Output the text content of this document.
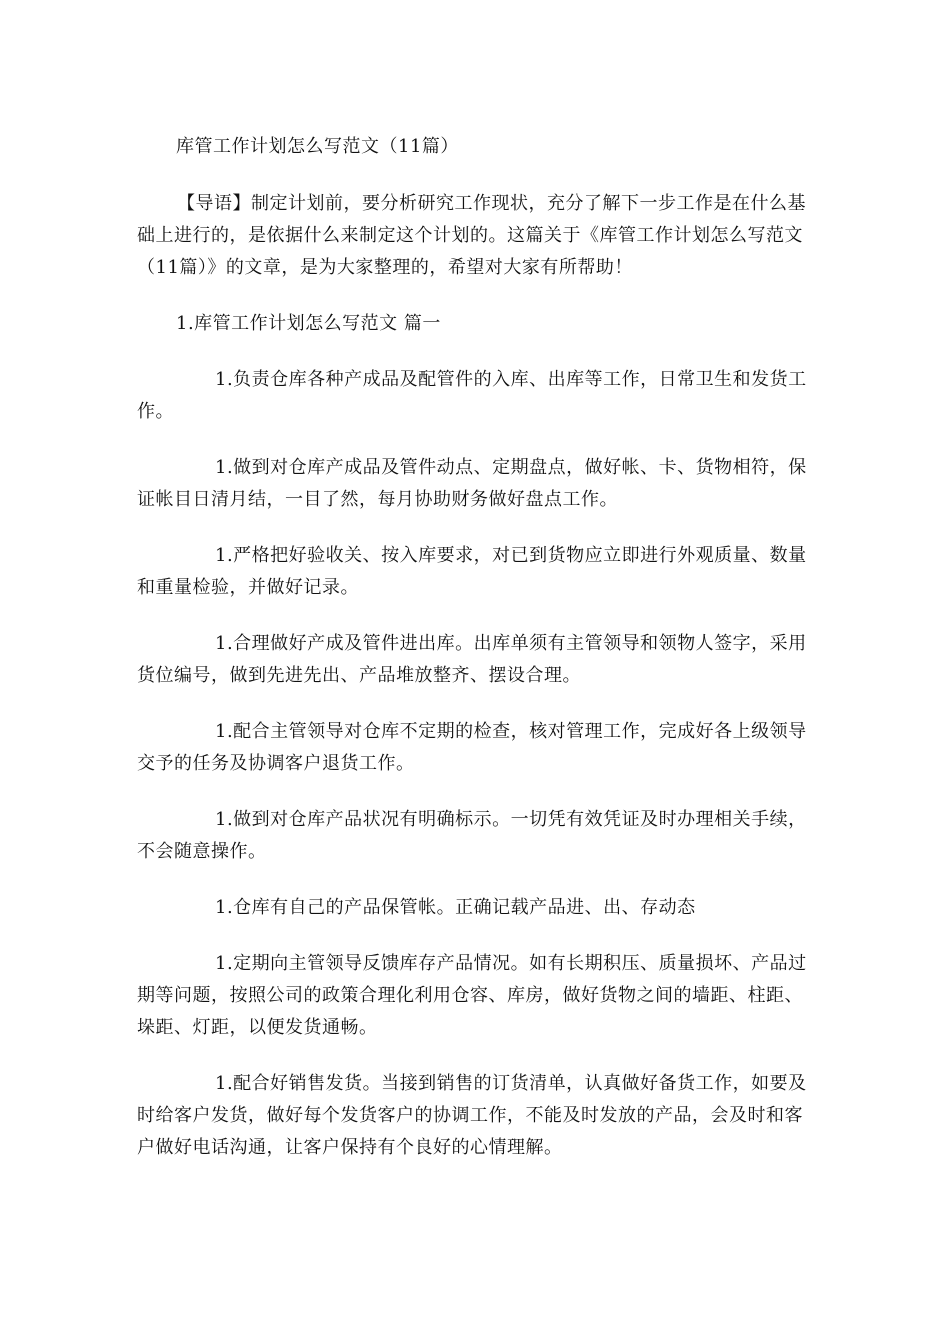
库管工作计划怎么写范文（11篇）
【导语】制定计划前，要分析研究工作现状，充分了解下一步工作是在什么基础上进行的，是依据什么来制定这个计划的。这篇关于《库管工作计划怎么写范文（11篇）》的文章，是为大家整理的，希望对大家有所帮助！
1.库管工作计划怎么写范文 篇一
1.负责仓库各种产成品及配管件的入库、出库等工作，日常卫生和发货工作。
1.做到对仓库产成品及管件动点、定期盘点，做好帐、卡、货物相符，保证帐目日清月结，一目了然，每月协助财务做好盘点工作。
1.严格把好验收关、按入库要求，对已到货物应立即进行外观质量、数量和重量检验，并做好记录。
1.合理做好产成及管件进出库。出库单须有主管领导和领物人签字，采用货位编号，做到先进先出、产品堆放整齐、摆设合理。
1.配合主管领导对仓库不定期的检查，核对管理工作，完成好各上级领导交予的任务及协调客户退货工作。
1.做到对仓库产品状况有明确标示。一切凭有效凭证及时办理相关手续，不会随意操作。
1.仓库有自己的产品保管帐。正确记载产品进、出、存动态
1.定期向主管领导反馈库存产品情况。如有长期积压、质量损坏、产品过期等问题，按照公司的政策合理化利用仓容、库房，做好货物之间的墙距、柱距、垛距、灯距，以便发货通畅。
1.配合好销售发货。当接到销售的订货清单，认真做好备货工作，如要及时给客户发货，做好每个发货客户的协调工作，不能及时发放的产品，会及时和客户做好电话沟通，让客户保持有个良好的心情理解。
